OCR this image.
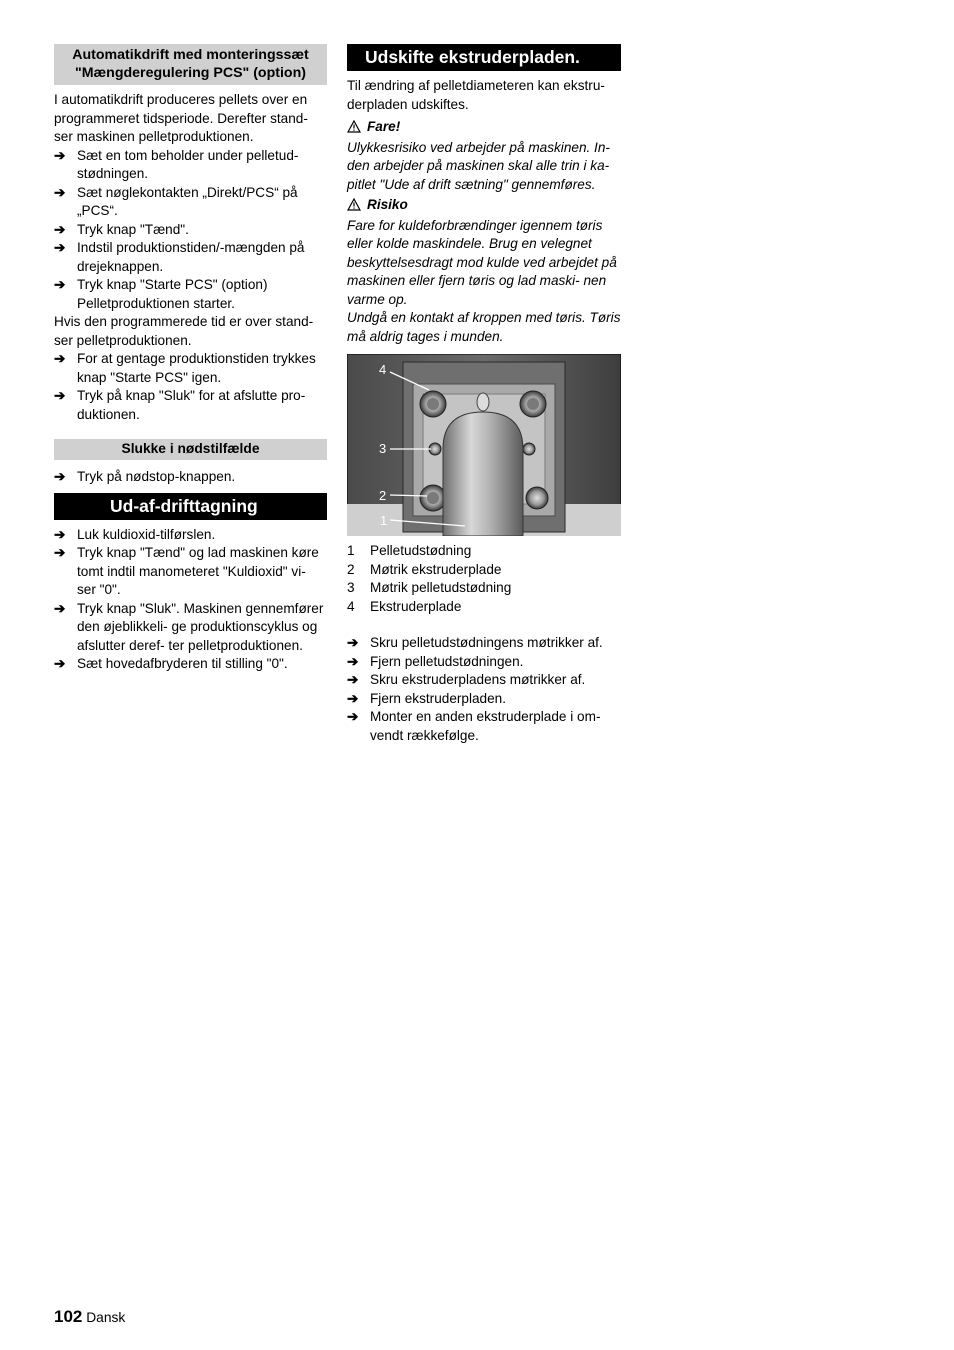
Automatikdrift med monteringssæt
"Mængderegulering PCS" (option)

I automatikdrift produceres pellets over en programmeret tidsperiode. Derefter stand- ser maskinen pelletproduktionen.

➔ Sæt en tom beholder under pelletud- stødningen.
➔ Sæt nøglekontakten „Direkt/PCS“ på „PCS“.
➔ Tryk knap "Tænd".
➔ Indstil produktionstiden/-mængden på drejeknappen.
➔ Tryk knap "Starte PCS" (option) Pelletproduktionen starter.

Hvis den programmerede tid er over stand- ser pelletproduktionen.

➔ For at gentage produktionstiden trykkes knap "Starte PCS" igen.
➔ Tryk på knap "Sluk" for at afslutte pro- duktionen.
Slukke i nødstilfælde
➔ Tryk på nødstop-knappen.
Ud-af-drifttagning
➔ Luk kuldioxid-tilførslen.
➔ Tryk knap "Tænd" og lad maskinen køre tomt indtil manometeret "Kuldioxid" vi- ser "0".
➔ Tryk knap "Sluk". Maskinen gennemfører den øjeblikkeli- ge produktionscyklus og afslutter deref- ter pelletproduktionen.
➔ Sæt hovedafbryderen til stilling "0".
Udskifte ekstruderpladen.

Til ændring af pelletdiameteren kan ekstru- derpladen udskiftes.

Fare!

Ulykkesrisiko ved arbejder på maskinen. In- den arbejder på maskinen skal alle trin i ka- pitlet "Ude af drift sætning" gennemføres.

Risiko

Fare for kuldeforbrændinger igennem tøris eller kolde maskindele. Brug en velegnet beskyttelsesdragt mod kulde ved arbejdet på maskinen eller fjern tøris og lad maski- nen varme op.

Undgå en kontakt af kroppen med tøris. Tøris må aldrig tages i munden.

4
3
2
1
1 Pelletudstødning
2 Møtrik ekstruderplade
3 Møtrik pelletudstødning
4 Ekstruderplade
➔ Skru pelletudstødningens møtrikker af.
➔ Fjern pelletudstødningen.
➔ Skru ekstruderpladens møtrikker af.
➔ Fjern ekstruderpladen.
➔ Monter en anden ekstruderplade i om- vendt rækkefølge.
102 Dansk
